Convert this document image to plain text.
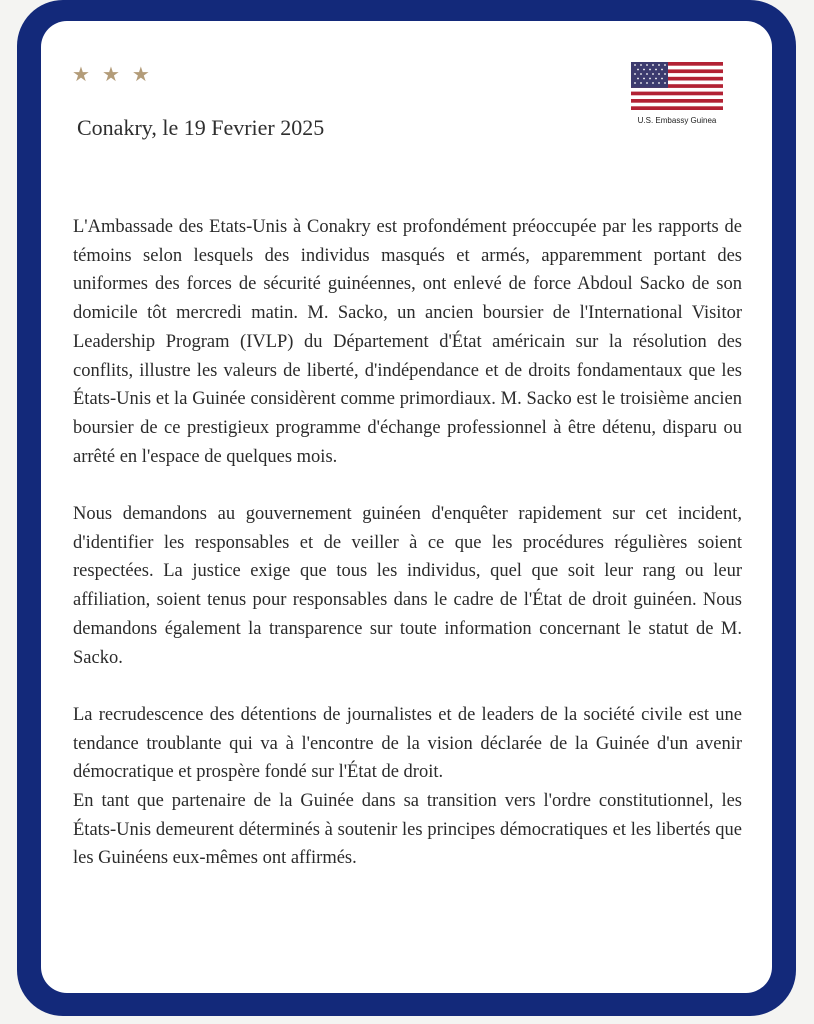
★ ★ ★
Conakry, le 19 Fevrier 2025	U.S. Embassy Guinea

L'Ambassade des Etats-Unis à Conakry est profondément préoccupée par les rapports de témoins selon lesquels des individus masqués et armés, apparemment portant des uniformes des forces de sécurité guinéennes, ont enlevé de force Abdoul Sacko de son domicile tôt mercredi matin. M. Sacko, un ancien boursier de l'International Visitor Leadership Program (IVLP) du Département d'État américain sur la résolution des conflits, illustre les valeurs de liberté, d'indépendance et de droits fondamentaux que les États-Unis et la Guinée considèrent comme primordiaux. M. Sacko est le troisième ancien boursier de ce prestigieux programme d'échange professionnel à être détenu, disparu ou arrêté en l'espace de quelques mois.

Nous demandons au gouvernement guinéen d'enquêter rapidement sur cet incident, d'identifier les responsables et de veiller à ce que les procédures régulières soient respectées. La justice exige que tous les individus, quel que soit leur rang ou leur affiliation, soient tenus pour responsables dans le cadre de l'État de droit guinéen. Nous demandons également la transparence sur toute information concernant le statut de M. Sacko.

La recrudescence des détentions de journalistes et de leaders de la société civile est une tendance troublante qui va à l'encontre de la vision déclarée de la Guinée d'un avenir démocratique et prospère fondé sur l'État de droit.

En tant que partenaire de la Guinée dans sa transition vers l'ordre constitutionnel, les États-Unis demeurent déterminés à soutenir les principes démocratiques et les libertés que les Guinéens eux-mêmes ont affirmés.
